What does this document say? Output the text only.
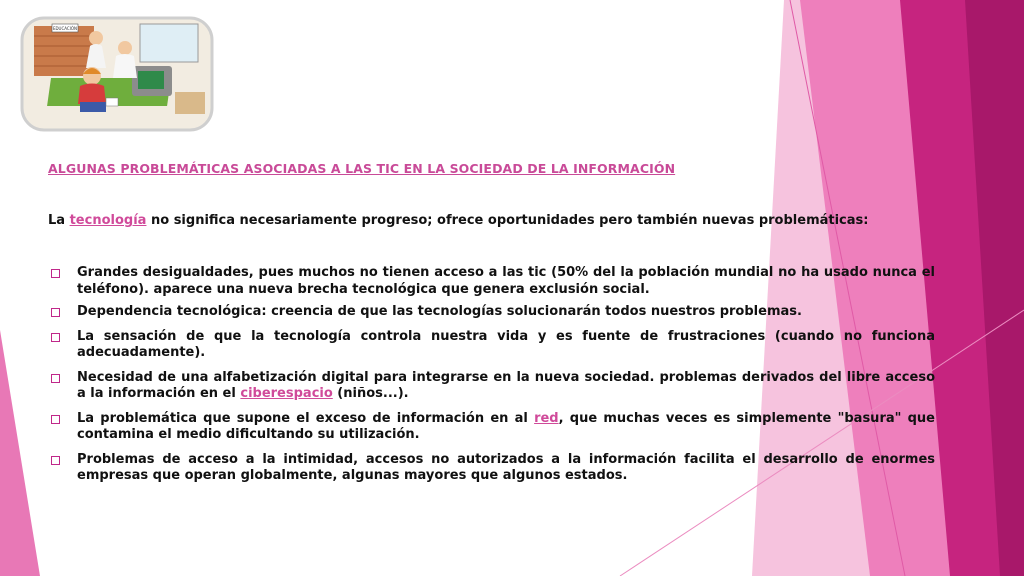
EDUCACIÓN
ALGUNAS PROBLEMÁTICAS ASOCIADAS A LAS TIC EN LA SOCIEDAD DE LA INFORMACIÓN

La tecnología no significa necesariamente progreso; ofrece oportunidades pero también nuevas problemáticas:

Grandes desigualdades, pues muchos no tienen acceso a las tic (50% del la población mundial no ha usado nunca el teléfono). aparece una nueva brecha tecnológica que genera exclusión social.
Dependencia tecnológica: creencia de que las tecnologías solucionarán todos nuestros problemas.
La sensación de que la tecnología controla nuestra vida y es fuente de frustraciones (cuando no funciona adecuadamente).
Necesidad de una alfabetización digital para integrarse en la nueva sociedad. problemas derivados del libre acceso a la información en el ciberespacio (niños...).
La problemática que supone el exceso de información en al red, que muchas veces es simplemente "basura" que contamina el medio dificultando su utilización.
Problemas de acceso a la intimidad, accesos no autorizados a la información facilita el desarrollo de enormes empresas que operan globalmente, algunas mayores que algunos estados.
